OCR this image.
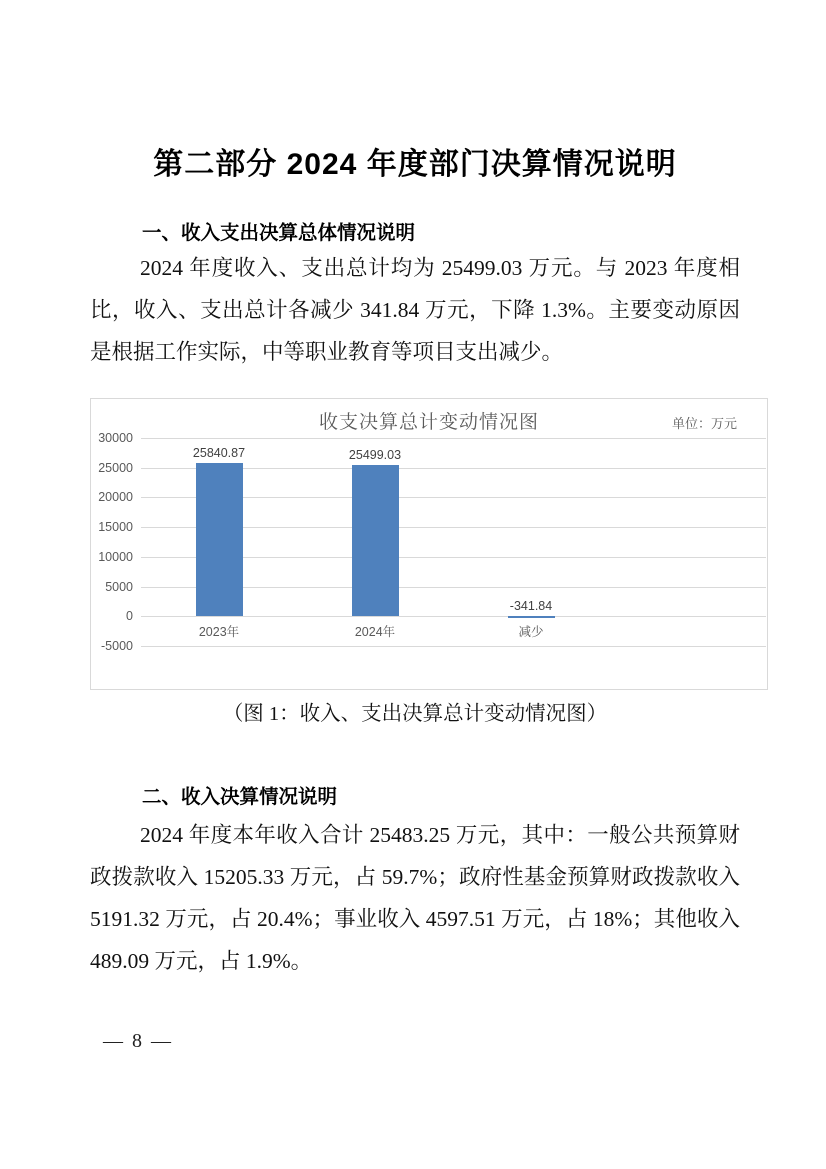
第二部分 2024 年度部门决算情况说明
一、收入支出决算总体情况说明
2024 年度收入、支出总计均为 25499.03 万元。与 2023 年度相比，收入、支出总计各减少 341.84 万元，下降 1.3%。主要变动原因是根据工作实际，中等职业教育等项目支出减少。
收支决算总计变动情况图	单位：万元
30000
25000
20000
15000
10000
5000
0
-5000
25840.87
2023年
25499.03
2024年
-341.84
减少
（图 1：收入、支出决算总计变动情况图）
二、收入决算情况说明
2024 年度本年收入合计 25483.25 万元，其中：一般公共预算财政拨款收入 15205.33 万元，占 59.7%；政府性基金预算财政拨款收入 5191.32 万元，占 20.4%；事业收入 4597.51 万元，占 18%；其他收入 489.09 万元，占 1.9%。
— 8 —
